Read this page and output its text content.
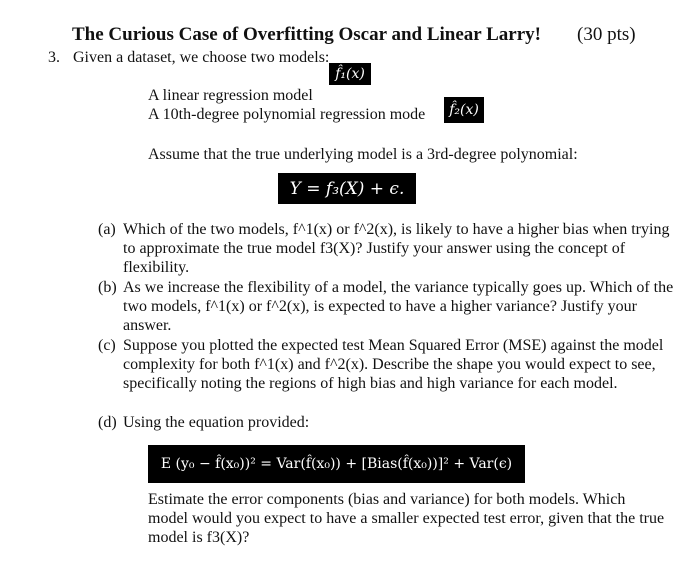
The Curious Case of Overfitting Oscar and Linear Larry! (30 pts)
3. Given a dataset, we choose two models:
f̂₁(x)
A linear regression model
A 10th-degree polynomial regression mode	f̂₂(x)
Assume that the true underlying model is a 3rd-degree polynomial:
Y = f₃(X) + ϵ.
(a) Which of the two models, f^1(x) or f^2(x), is likely to have a higher bias when trying to approximate the true model f3(X)? Justify your answer using the concept of flexibility.
(b) As we increase the flexibility of a model, the variance typically goes up. Which of the two models, f^1(x) or f^2(x), is expected to have a higher variance? Justify your answer.
(c) Suppose you plotted the expected test Mean Squared Error (MSE) against the model complexity for both f^1(x) and f^2(x). Describe the shape you would expect to see, specifically noting the regions of high bias and high variance for each model.
(d) Using the equation provided:
E (y₀ − f̂(x₀))² = Var(f̂(x₀)) + [Bias(f̂(x₀))]² + Var(ϵ)
Estimate the error components (bias and variance) for both models. Which model would you expect to have a smaller expected test error, given that the true model is f3(X)?
